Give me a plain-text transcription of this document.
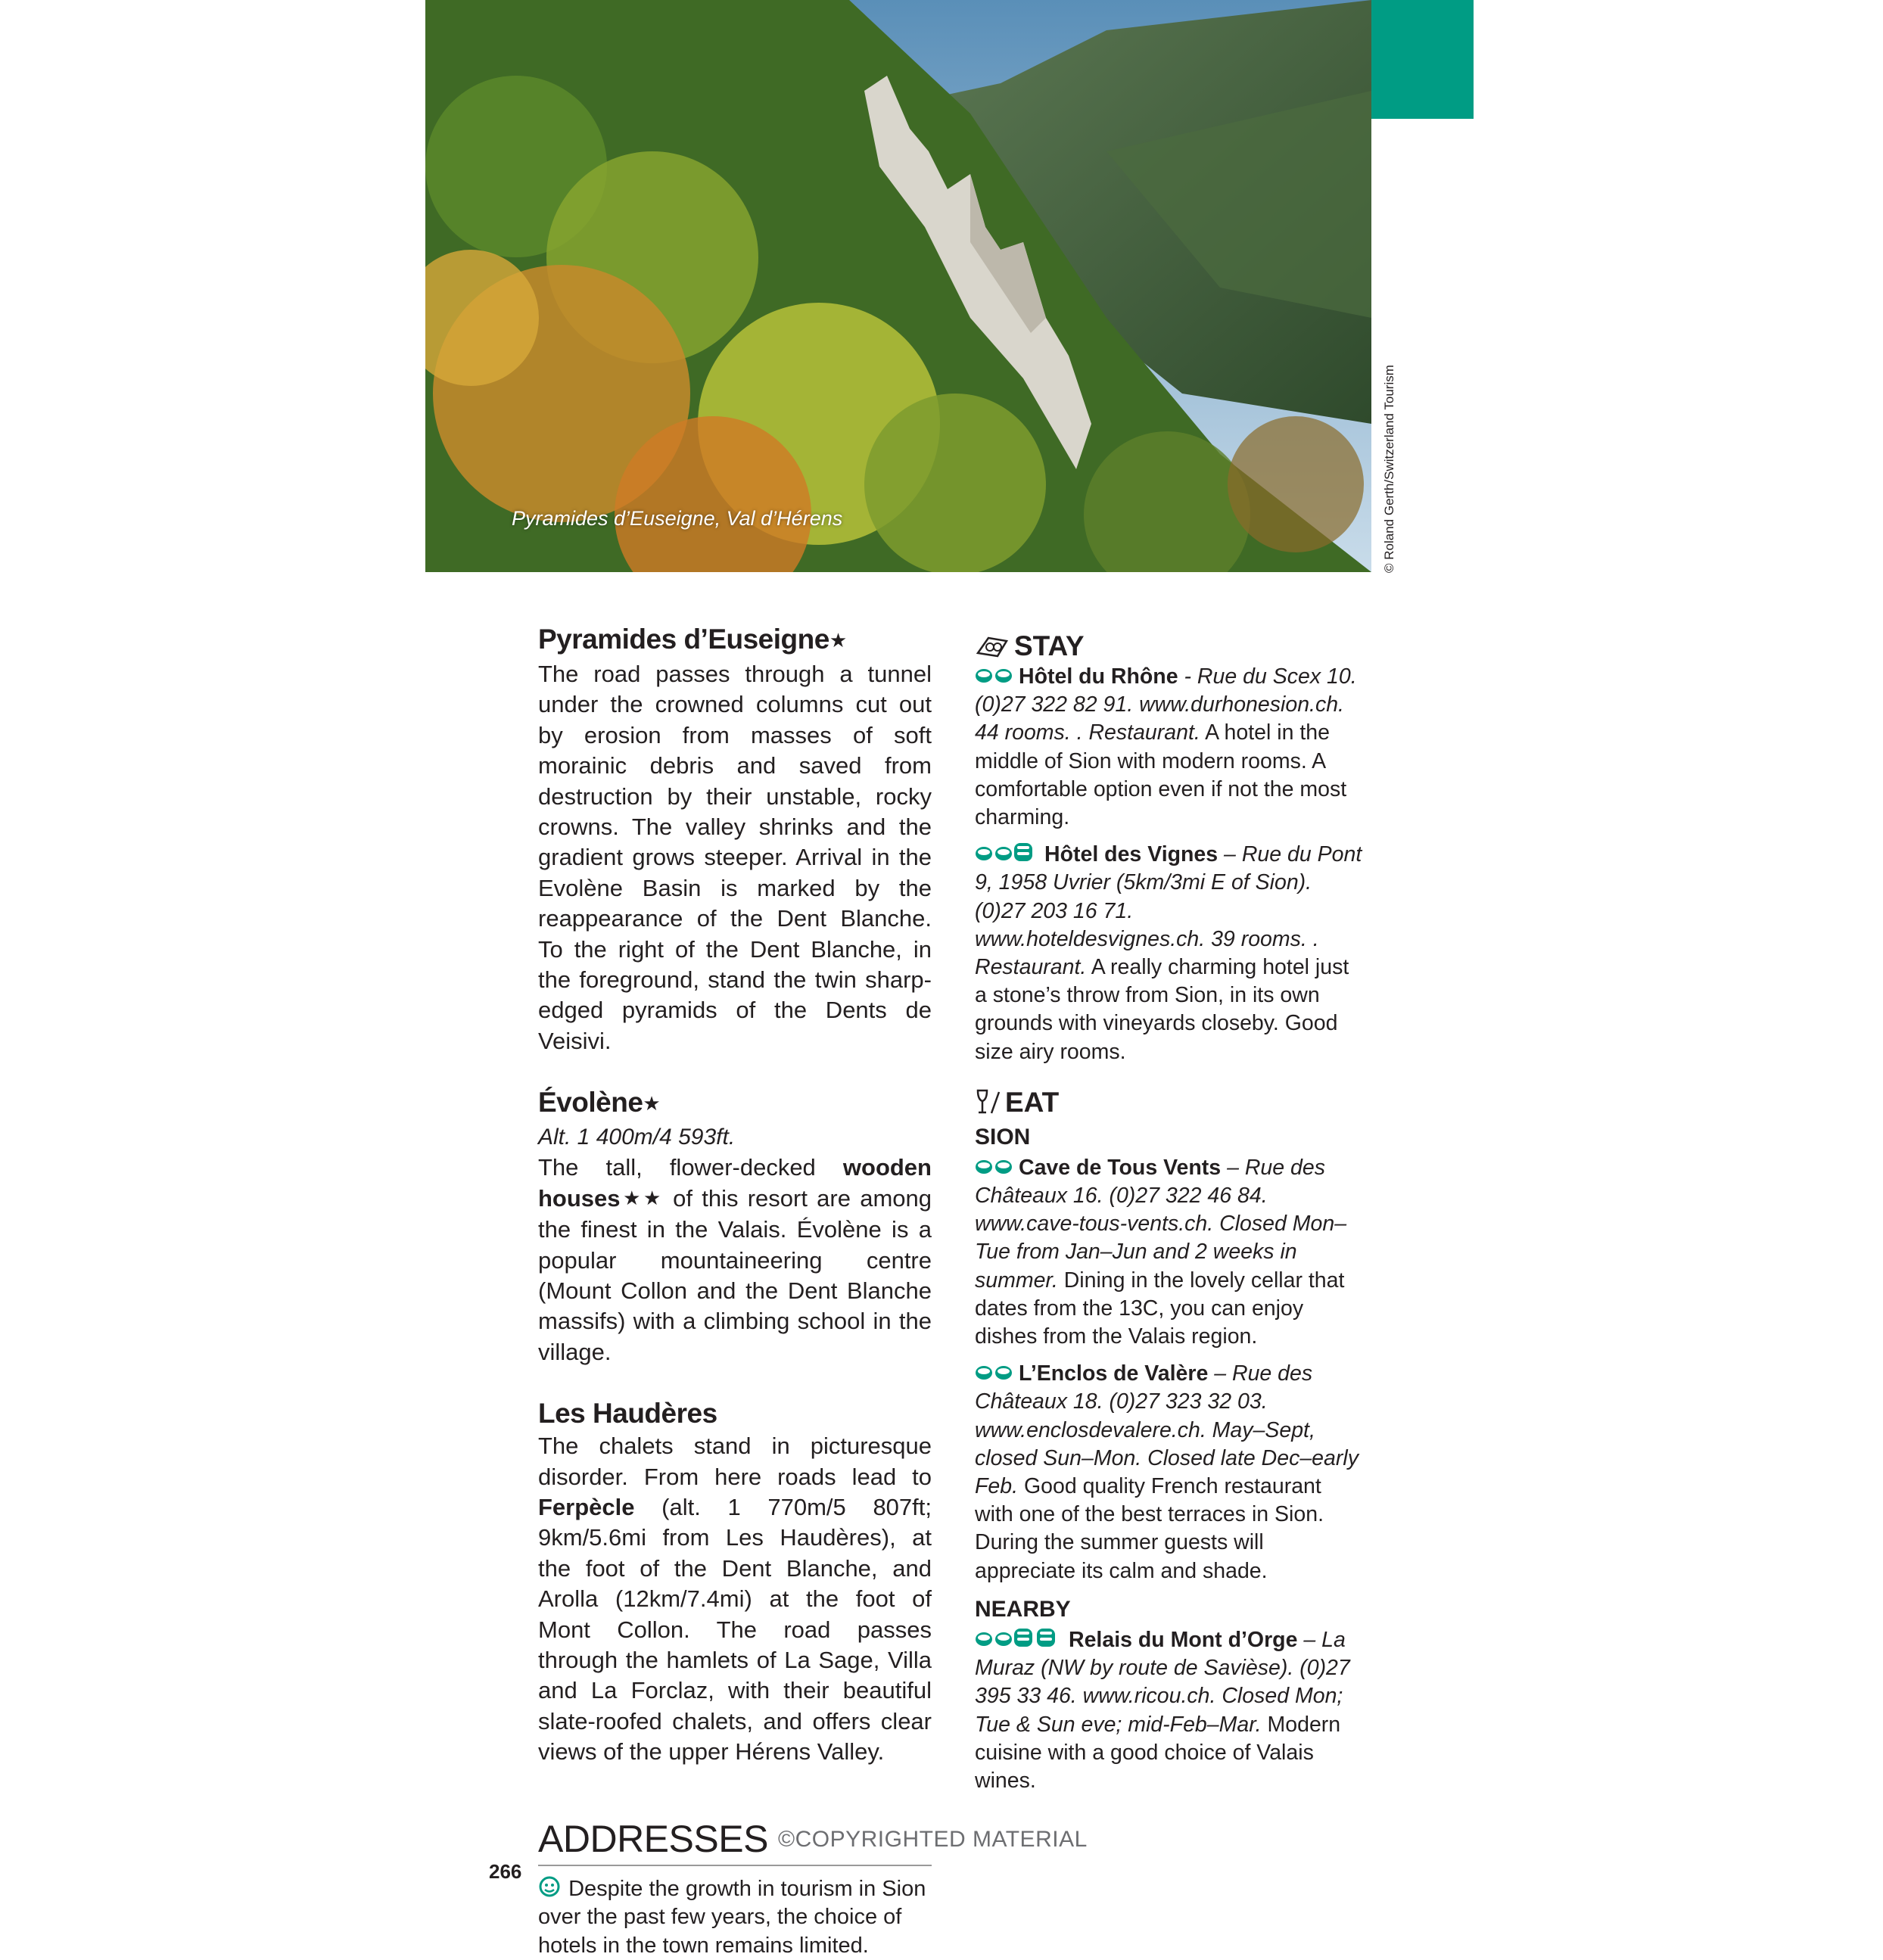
Pyramides d’Euseigne, Val d’Hérens	© Roland Gerth/Switzerland Tourism
Pyramides d’Euseigne★

The road passes through a tunnel under the crowned columns cut out by erosion from masses of soft morainic debris and saved from destruction by their unstable, rocky crowns. The valley shrinks and the gradient grows steeper. Arrival in the Evolène Basin is marked by the reappearance of the Dent Blanche. To the right of the Dent Blanche, in the foreground, stand the twin sharp-edged pyramids of the Dents de Veisivi.

Évolène★

Alt. 1 400m/4 593ft.

The tall, flower-decked wooden houses★★ of this resort are among the finest in the Valais. Évolène is a popular mountaineering centre (Mount Collon and the Dent Blanche massifs) with a climbing school in the village.

Les Haudères

The chalets stand in picturesque disorder. From here roads lead to Ferpècle (alt. 1 770m/5 807ft; 9km/5.6mi from Les Haudères), at the foot of the Dent Blanche, and Arolla (12km/7.4mi) at the foot of Mont Collon. The road passes through the hamlets of La Sage, Villa and La Forclaz, with their beautiful slate-roofed chalets, and offers clear views of the upper Hérens Valley.

ADDRESSES
Despite the growth in tourism in Sion over the past few years, the choice of hotels in the town remains limited.
STAY

Hôtel du Rhône - Rue du Scex 10. (0)27 322 82 91. www.durhonesion.ch. 44 rooms. . Restaurant. A hotel in the middle of Sion with modern rooms. A comfortable option even if not the most charming.

Hôtel des Vignes – Rue du Pont 9, 1958 Uvrier (5km/3mi E of Sion). (0)27 203 16 71. www.hoteldesvignes.ch. 39 rooms. . Restaurant. A really charming hotel just a stone’s throw from Sion, in its own grounds with vineyards closeby. Good size airy rooms.

EAT
SION

Cave de Tous Vents – Rue des Châteaux 16. (0)27 322 46 84. www.cave-tous-vents.ch. Closed Mon–Tue from Jan–Jun and 2 weeks in summer. Dining in the lovely cellar that dates from the 13C, you can enjoy dishes from the Valais region.

L’Enclos de Valère – Rue des Châteaux 18. (0)27 323 32 03. www.enclosdevalere.ch. May–Sept, closed Sun–Mon. Closed late Dec–early Feb. Good quality French restaurant with one of the best terraces in Sion. During the summer guests will appreciate its calm and shade.

NEARBY

Relais du Mont d’Orge – La Muraz (NW by route de Savièse). (0)27 395 33 46. www.ricou.ch. Closed Mon; Tue & Sun eve; mid-Feb–Mar. Modern cuisine with a good choice of Valais wines.

©COPYRIGHTED MATERIAL
266
